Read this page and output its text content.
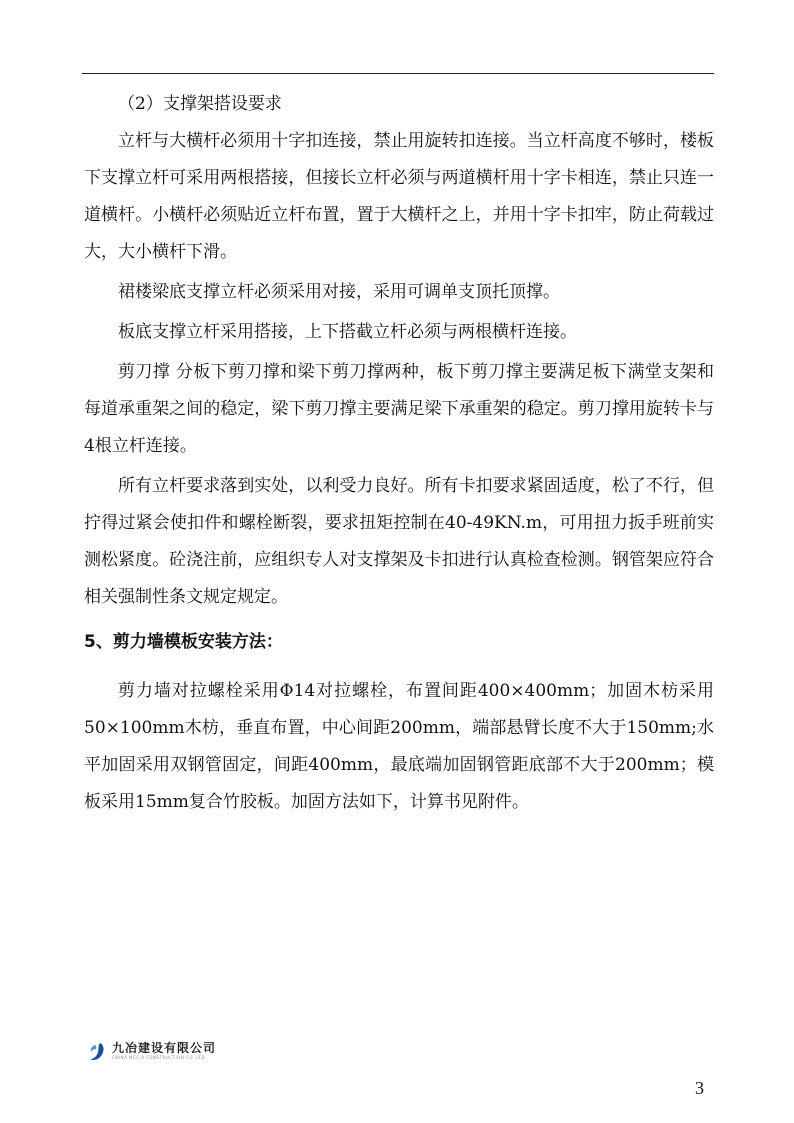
（2）支撑架搭设要求

立杆与大横杆必须用十字扣连接，禁止用旋转扣连接。当立杆高度不够时，楼板下支撑立杆可采用两根搭接，但接长立杆必须与两道横杆用十字卡相连，禁止只连一道横杆。小横杆必须贴近立杆布置，置于大横杆之上，并用十字卡扣牢，防止荷载过大，大小横杆下滑。

裙楼梁底支撑立杆必须采用对接，采用可调单支顶托顶撑。

板底支撑立杆采用搭接，上下搭截立杆必须与两根横杆连接。

剪刀撑 分板下剪刀撑和梁下剪刀撑两种，板下剪刀撑主要满足板下满堂支架和每道承重架之间的稳定，梁下剪刀撑主要满足梁下承重架的稳定。剪刀撑用旋转卡与4根立杆连接。

所有立杆要求落到实处，以利受力良好。所有卡扣要求紧固适度，松了不行，但拧得过紧会使扣件和螺栓断裂，要求扭矩控制在40-49KN.m，可用扭力扳手班前实测松紧度。砼浇注前，应组织专人对支撑架及卡扣进行认真检查检测。钢管架应符合相关强制性条文规定规定。

5、剪力墙模板安装方法：

剪力墙对拉螺栓采用Φ14对拉螺栓，布置间距400×400mm；加固木枋采用50×100mm木枋，垂直布置，中心间距200mm，端部悬臂长度不大于150mm;水平加固采用双钢管固定，间距400mm，最底端加固钢管距底部不大于200mm；模板采用15mm复合竹胶板。加固方法如下，计算书见附件。

九冶建设有限公司
CHINA MCC 9 CONSTRUCTION CO.,LTD
3
